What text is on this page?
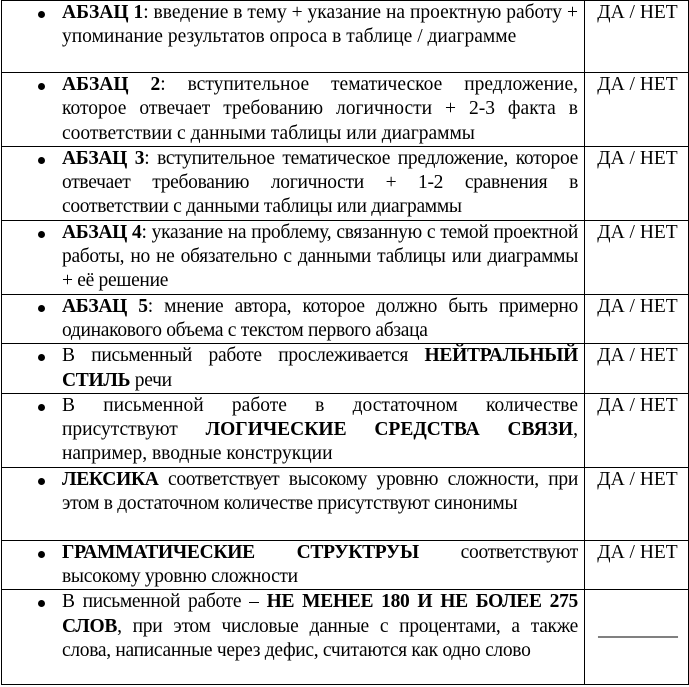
АБЗАЦ 1: введение в тему + указание на проектную работу + упоминание результатов опроса в таблице / диаграмме	ДА / НЕТ

АБЗАЦ 2: вступительное тематическое предложение, которое отвечает требованию логичности + 2-3 факта в соответствии с данными таблицы или диаграммы	ДА / НЕТ

АБЗАЦ 3: вступительное тематическое предложение, которое отвечает требованию логичности + 1-2 сравнения в соответствии с данными таблицы или диаграммы	ДА / НЕТ

АБЗАЦ 4: указание на проблему, связанную с темой проектной работы, но не обязательно с данными таблицы или диаграммы + её решение	ДА / НЕТ

АБЗАЦ 5: мнение автора, которое должно быть примерно одинакового объема с текстом первого абзаца	ДА / НЕТ

В письменный работе прослеживается НЕЙТРАЛЬНЫЙ СТИЛЬ речи	ДА / НЕТ

В письменной работе в достаточном количестве присутствуют ЛОГИЧЕСКИЕ СРЕДСТВА СВЯЗИ, например, вводные конструкции	ДА / НЕТ

ЛЕКСИКА соответствует высокому уровню сложности, при этом в достаточном количестве присутствуют синонимы	ДА / НЕТ

ГРАММАТИЧЕСКИЕ СТРУКТРУЫ соответствуют высокому уровню сложности	ДА / НЕТ

В письменной работе – НЕ МЕНЕЕ 180 И НЕ БОЛЕЕ 275 СЛОВ, при этом числовые данные с процентами, а также слова, написанные через дефис, считаются как одно слово	_________
